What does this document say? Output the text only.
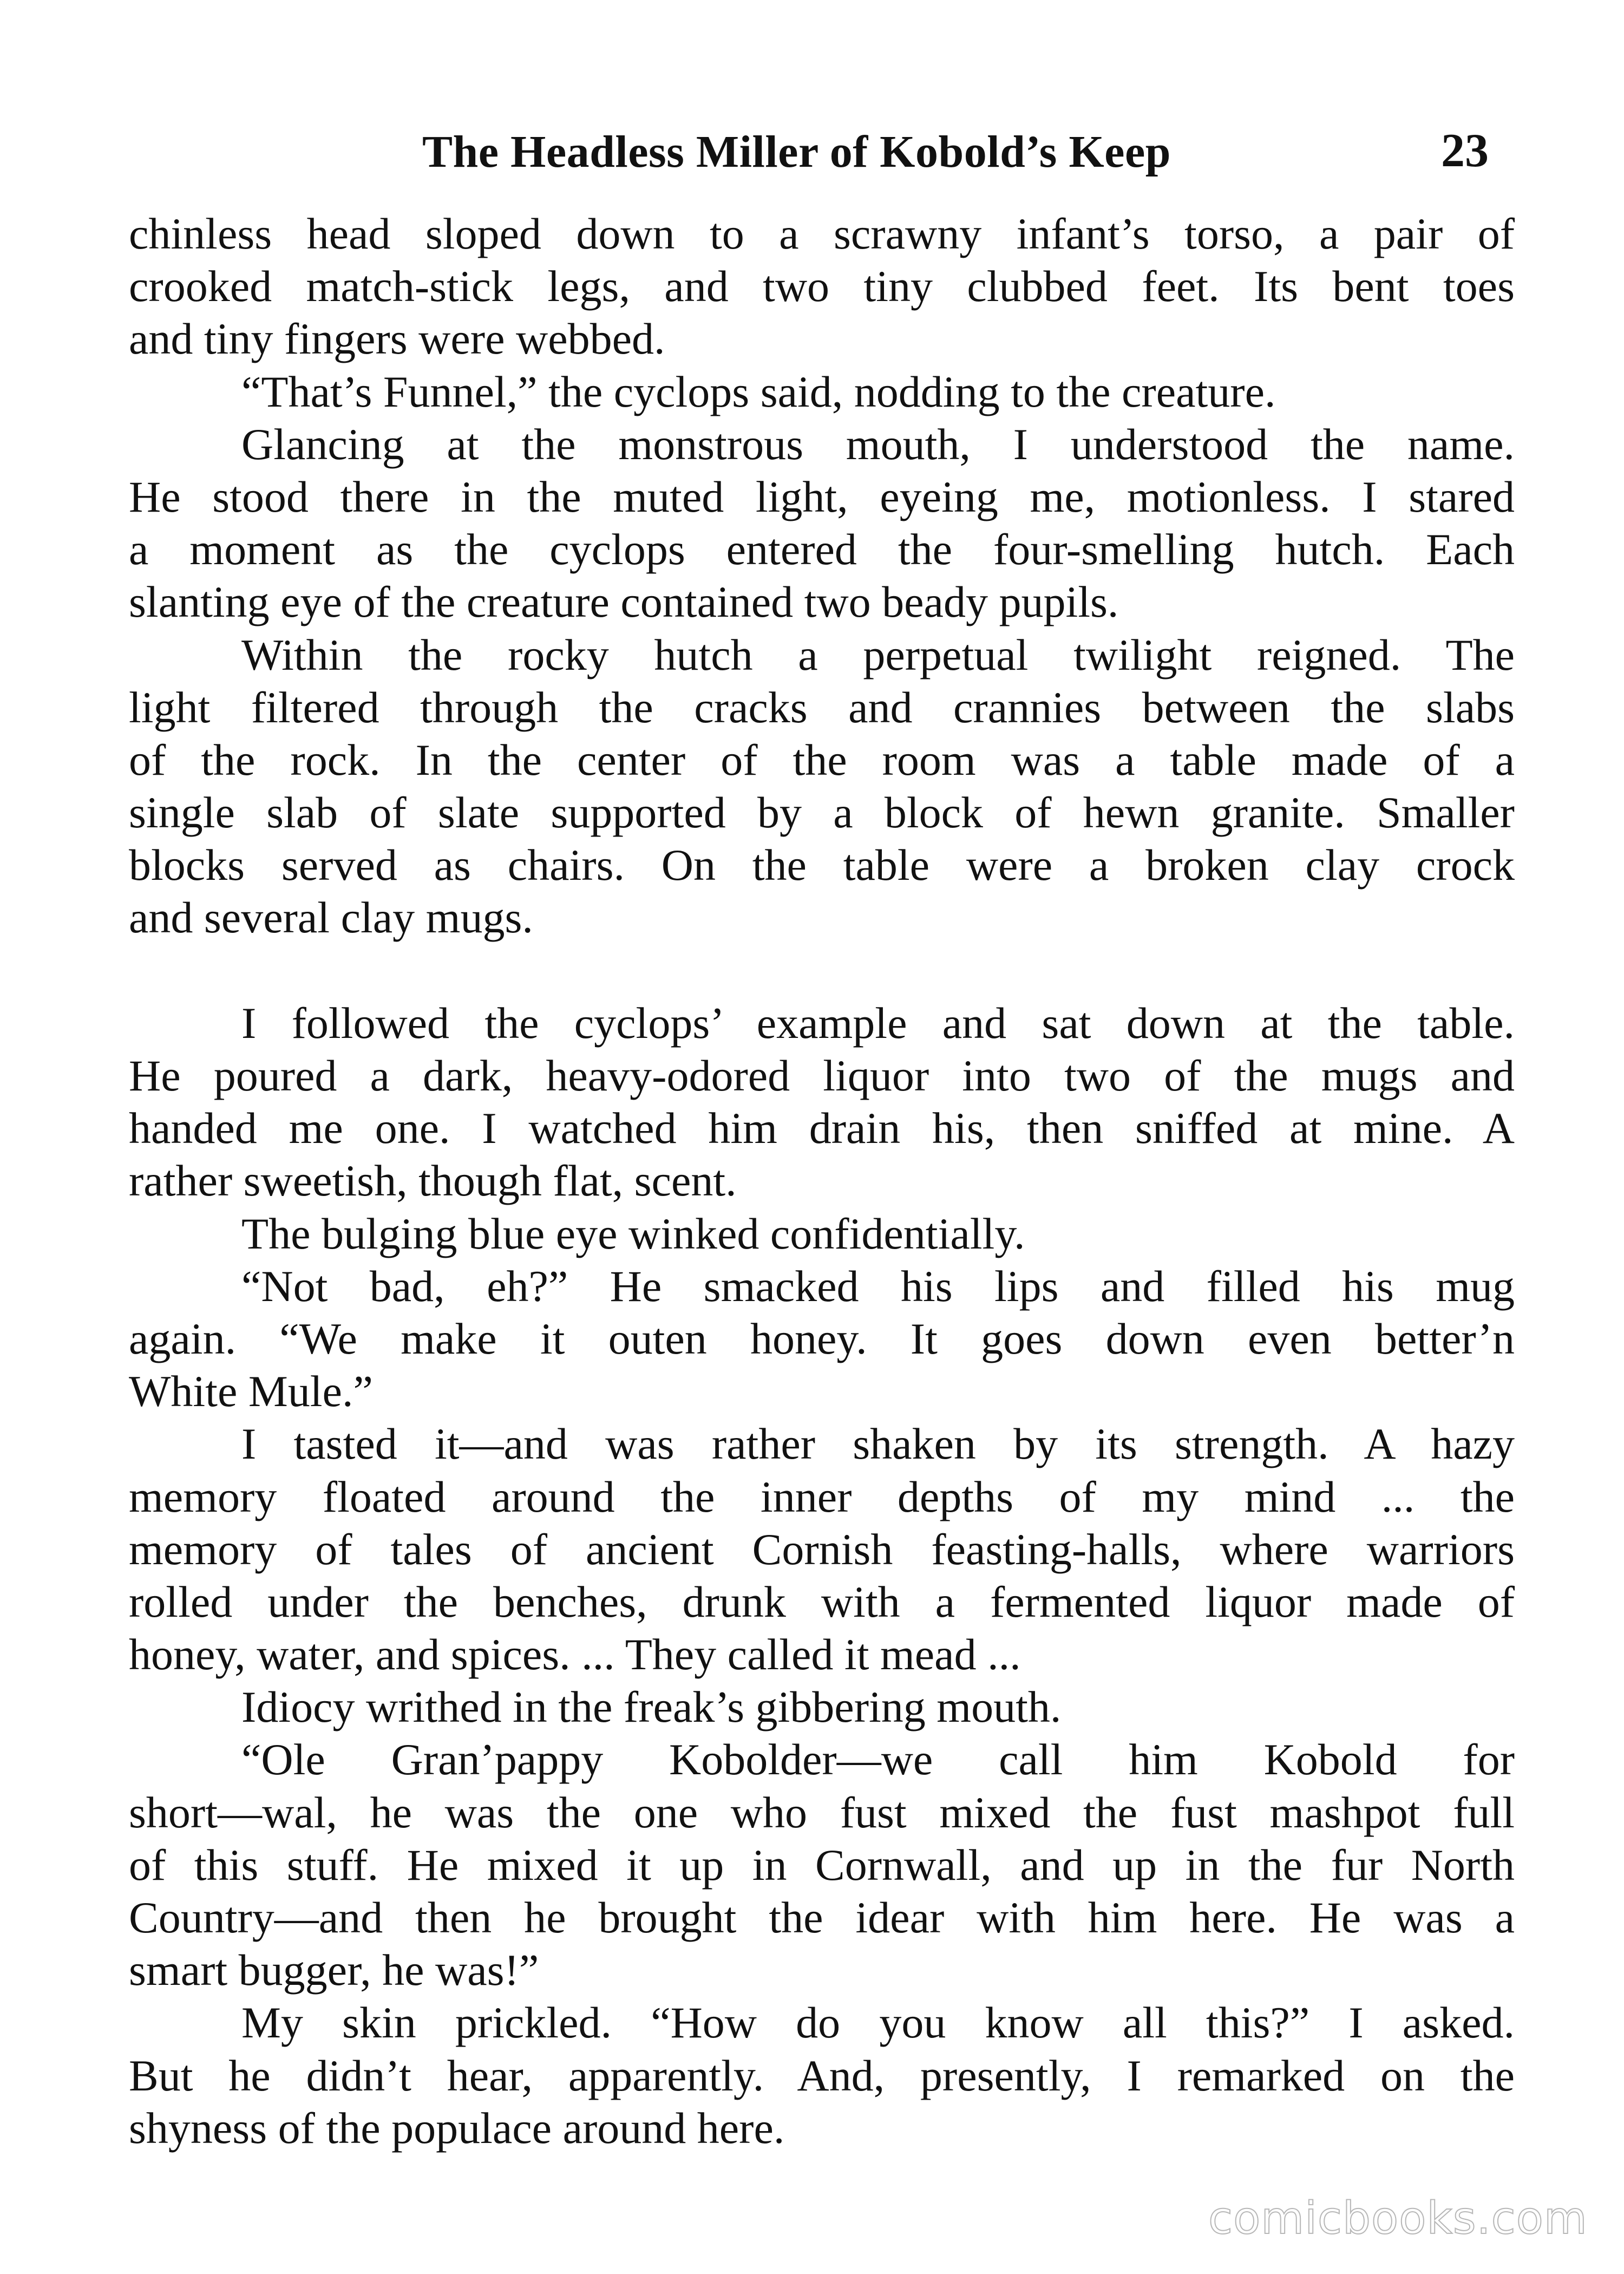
The Headless Miller of Kobold’s Keep	23
chinless head sloped down to a scrawny infant’s torso, a pair of
crooked match-stick legs, and two tiny clubbed feet. Its bent toes
and tiny fingers were webbed.
“That’s Funnel,” the cyclops said, nodding to the creature.
Glancing at the monstrous mouth, I understood the name.
He stood there in the muted light, eyeing me, motionless. I stared
a moment as the cyclops entered the four-smelling hutch. Each
slanting eye of the creature contained two beady pupils.
Within the rocky hutch a perpetual twilight reigned. The
light filtered through the cracks and crannies between the slabs
of the rock. In the center of the room was a table made of a
single slab of slate supported by a block of hewn granite. Smaller
blocks served as chairs. On the table were a broken clay crock
and several clay mugs.
I followed the cyclops’ example and sat down at the table.
He poured a dark, heavy-odored liquor into two of the mugs and
handed me one. I watched him drain his, then sniffed at mine. A
rather sweetish, though flat, scent.
The bulging blue eye winked confidentially.
“Not bad, eh?” He smacked his lips and filled his mug
again. “We make it outen honey. It goes down even better’n
White Mule.”
I tasted it—and was rather shaken by its strength. A hazy
memory floated around the inner depths of my mind ... the
memory of tales of ancient Cornish feasting-halls, where warriors
rolled under the benches, drunk with a fermented liquor made of
honey, water, and spices. ... They called it mead ...
Idiocy writhed in the freak’s gibbering mouth.
“Ole Gran’pappy Kobolder—we call him Kobold for
short—wal, he was the one who fust mixed the fust mashpot full
of this stuff. He mixed it up in Cornwall, and up in the fur North
Country—and then he brought the idear with him here. He was a
smart bugger, he was!”
My skin prickled. “How do you know all this?” I asked.
But he didn’t hear, apparently. And, presently, I remarked on the
shyness of the populace around here.
comicbooks.com
